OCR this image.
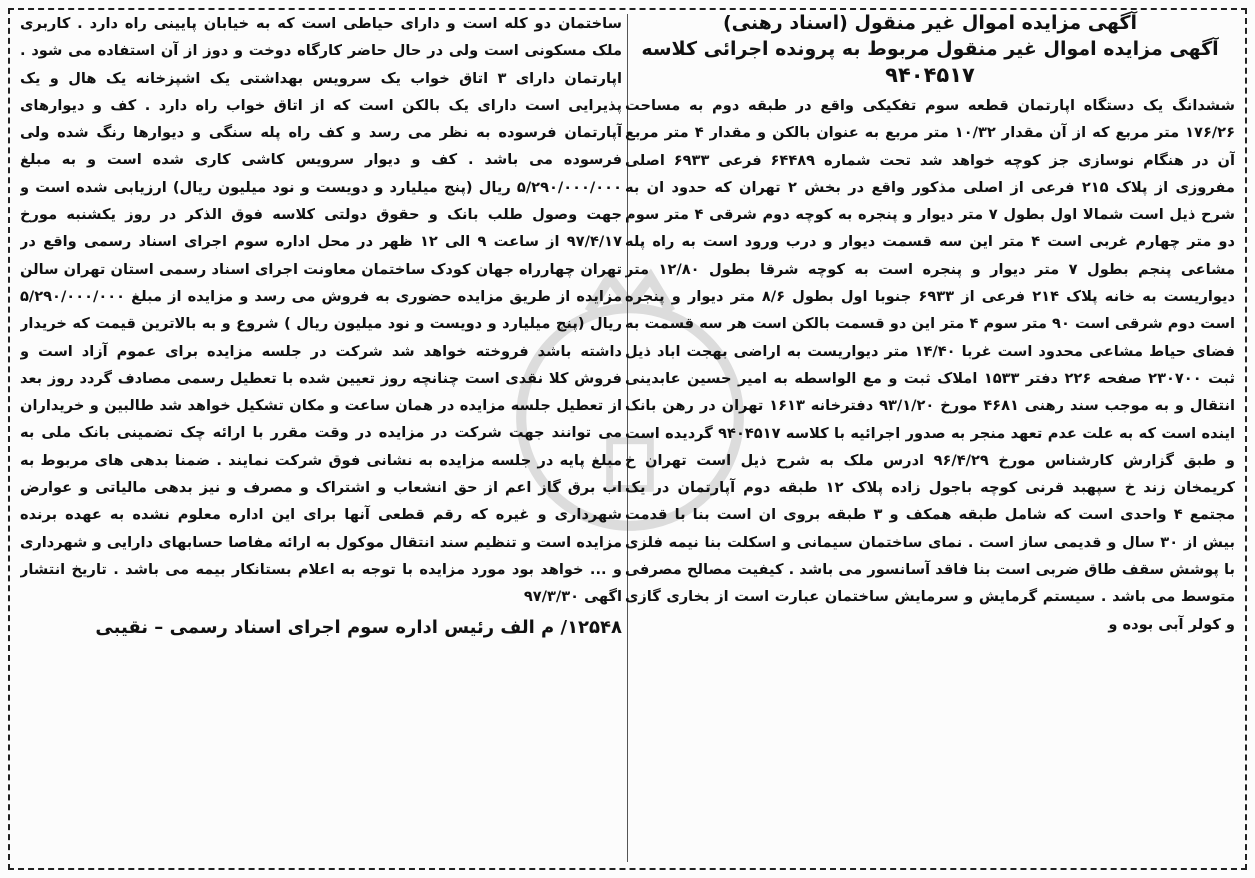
آگهی مزایده اموال غیر منقول (اسناد رهنی)
آگهی مزایده اموال غیر منقول مربوط به پرونده اجرائی کلاسه
۹۴۰۴۵۱۷

ششدانگ یک دستگاه اپارتمان قطعه سوم تفکیکی واقع در طبقه دوم به مساحت ۱۷۶/۲۶ متر مربع که از آن مقدار ۱۰/۳۲ متر مربع به عنوان بالکن و مقدار ۴ متر مربع آن در هنگام نوسازی جز کوچه خواهد شد تحت شماره ۶۴۴۸۹ فرعی ۶۹۳۳ اصلی مفروزی از پلاک ۲۱۵ فرعی از اصلی مذکور واقع در بخش ۲ تهران که حدود ان به شرح ذیل است شمالا اول بطول ۷ متر دیوار و پنجره به کوچه دوم شرقی ۴ متر سوم دو متر چهارم غربی است ۴ متر این سه قسمت دیوار و درب ورود است به راه پله مشاعی پنجم بطول ۷ متر دیوار و پنجره است به کوچه شرقا بطول ۱۲/۸۰ متر دیواریست به خانه پلاک ۲۱۴ فرعی از ۶۹۳۳ جنوبا اول بطول ۸/۶ متر دیوار و پنجره است دوم شرقی است ۹۰ متر سوم ۴ متر این دو قسمت بالکن است هر سه قسمت به فضای حیاط مشاعی محدود است غربا ۱۴/۴۰ متر دیواریست به اراضی بهجت اباد ذیل ثبت ۲۳۰۷۰۰ صفحه ۲۲۶ دفتر ۱۵۳۳ املاک ثبت و مع الواسطه به امیر حسین عابدینی انتقال و به موجب سند رهنی ۴۶۸۱ مورخ ۹۳/۱/۲۰ دفترخانه ۱۶۱۳ تهران در رهن بانک اینده است که به علت عدم تعهد منجر به صدور اجرائیه با کلاسه ۹۴۰۴۵۱۷ گردیده است و طبق گزارش کارشناس مورخ ۹۶/۴/۲۹ ادرس ملک به شرح ذیل است تهران خ کریمخان زند خ سپهبد قرنی کوچه باجول زاده پلاک ۱۲ طبقه دوم آپارتمان در یک مجتمع ۴ واحدی است که شامل طبقه همکف و ۳ طبقه بروی ان است بنا با قدمت بیش از ۳۰ سال و قدیمی ساز است . نمای ساختمان سیمانی و اسکلت بنا نیمه فلزی با پوشش سقف طاق ضربی است بنا فاقد آسانسور می باشد . کیفیت مصالح مصرفی متوسط می باشد . سیستم گرمایش و سرمایش ساختمان عبارت است از بخاری گازی و کولر آبی بوده و

ساختمان دو کله است و دارای حیاطی است که به خیابان پایینی راه دارد . کاربری ملک مسکونی است ولی در حال حاضر کارگاه دوخت و دوز از آن استفاده می شود . اپارتمان دارای ۳ اتاق خواب یک سرویس بهداشتی یک اشپزخانه یک هال و یک پذیرایی است دارای یک بالکن است که از اتاق خواب راه دارد . کف و دیوارهای آپارتمان فرسوده به نظر می رسد و کف راه پله سنگی و دیوارها رنگ شده ولی فرسوده می باشد . کف و دیوار سرویس کاشی کاری شده است و به مبلغ ۵/۲۹۰/۰۰۰/۰۰۰ ریال (پنج میلیارد و دویست و نود میلیون ریال) ارزیابی شده است و جهت وصول طلب بانک و حقوق دولتی کلاسه فوق الذکر در روز یکشنبه مورخ ۹۷/۴/۱۷ از ساعت ۹ الی ۱۲ ظهر در محل اداره سوم اجرای اسناد رسمی واقع در تهران چهارراه جهان کودک ساختمان معاونت اجرای اسناد رسمی استان تهران سالن مزایده از طریق مزایده حضوری به فروش می رسد و مزایده از مبلغ ۵/۲۹۰/۰۰۰/۰۰۰ ریال (پنج میلیارد و دویست و نود میلیون ریال ) شروع و به بالاترین قیمت که خریدار داشته باشد فروخته خواهد شد شرکت در جلسه مزایده برای عموم آزاد است و فروش کلا نقدی است چنانچه روز تعیین شده با تعطیل رسمی مصادف گردد روز بعد از تعطیل جلسه مزایده در همان ساعت و مکان تشکیل خواهد شد طالبین و خریداران می توانند جهت شرکت در مزایده در وقت مقرر با ارائه چک تضمینی بانک ملی به مبلغ پایه در جلسه مزایده به نشانی فوق شرکت نمایند . ضمنا بدهی های مربوط به اب برق گاز اعم از حق انشعاب و اشتراک و مصرف و نیز بدهی مالیاتی و عوارض شهرداری و غیره که رقم قطعی آنها برای این اداره معلوم نشده به عهده برنده مزایده است و تنظیم سند انتقال موکول به ارائه مفاصا حسابهای دارایی و شهرداری و ... خواهد بود مورد مزایده با توجه به اعلام بستانکار بیمه می باشد . تاریخ انتشار اگهی ۹۷/۳/۳۰

۱۲۵۴۸/ م الف رئیس اداره سوم اجرای اسناد رسمی – نقیبی
